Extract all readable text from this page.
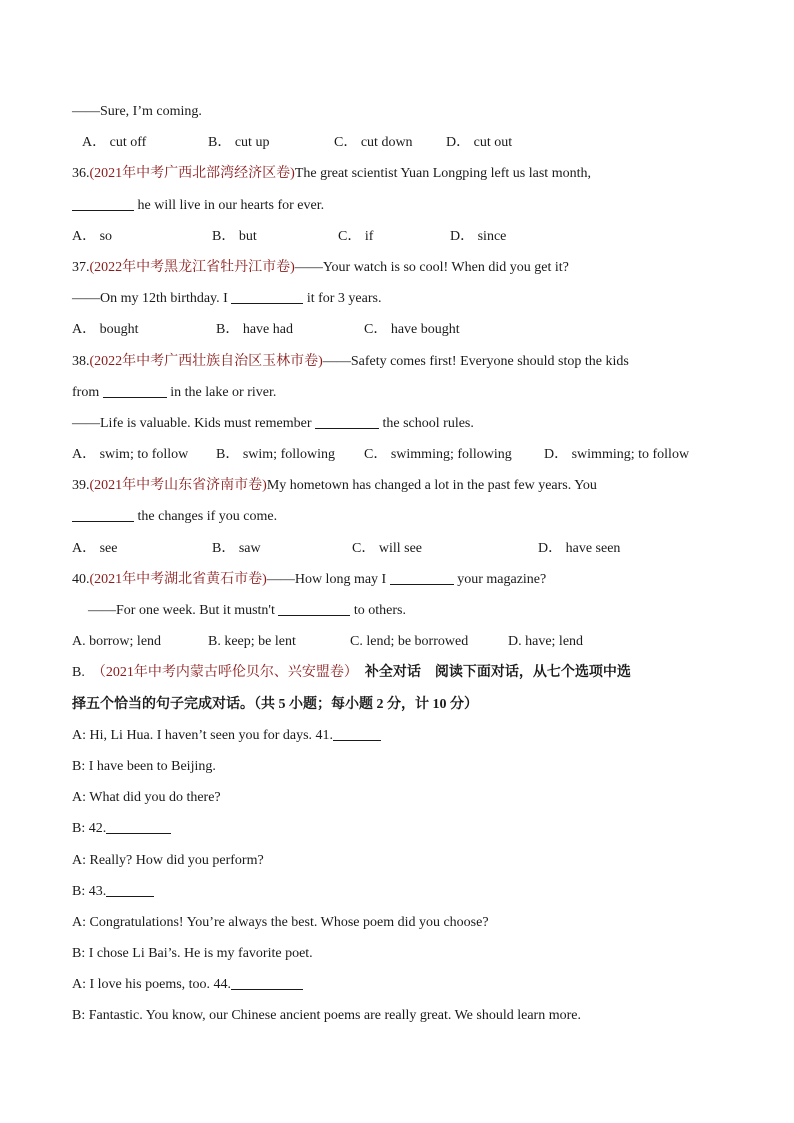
——Sure, I’m coming.
A． cut off	B． cut up	C． cut down D． cut out
36.(2021年中考广西北部湾经济区卷)The great scientist Yuan Longping left us last month,
he will live in our hearts for ever.
A． so	B． but	C． if	D． since
37.(2022年中考黑龙江省牡丹江市卷)——Your watch is so cool! When did you get it?
——On my 12th birthday. I	it for 3 years.
A． bought	B． have had	C． have bought
38.(2022年中考广西壮族自治区玉林市卷)——Safety comes first! Everyone should stop the kids
from	in the lake or river.
——Life is valuable. Kids must remember	the school rules.
A． swim; to follow B． swim; following C． swimming; following D． swimming; to follow
39.(2021年中考山东省济南市卷)My hometown has changed a lot in the past few years. You
the changes if you come.
A． see	B． saw	C． will see	D． have seen
40.(2021年中考湖北省黄石市卷)——How long may I	your magazine?
——For one week. But it mustn't	to others.
A. borrow; lend	B. keep; be lent	C. lend; be borrowed	D. have; lend
B. （2021年中考内蒙古呼伦贝尔、兴安盟卷） 补全对话　阅读下面对话，从七个选项中选
择五个恰当的句子完成对话。（共 5 小题；每小题 2 分，计 10 分）
A: Hi, Li Hua. I haven’t seen you for days. 41.
B: I have been to Beijing.
A: What did you do there?
B: 42.
A: Really? How did you perform?
B: 43.
A: Congratulations! You’re always the best. Whose poem did you choose?
B: I chose Li Bai’s. He is my favorite poet.
A: I love his poems, too. 44.
B: Fantastic. You know, our Chinese ancient poems are really great. We should learn more.
